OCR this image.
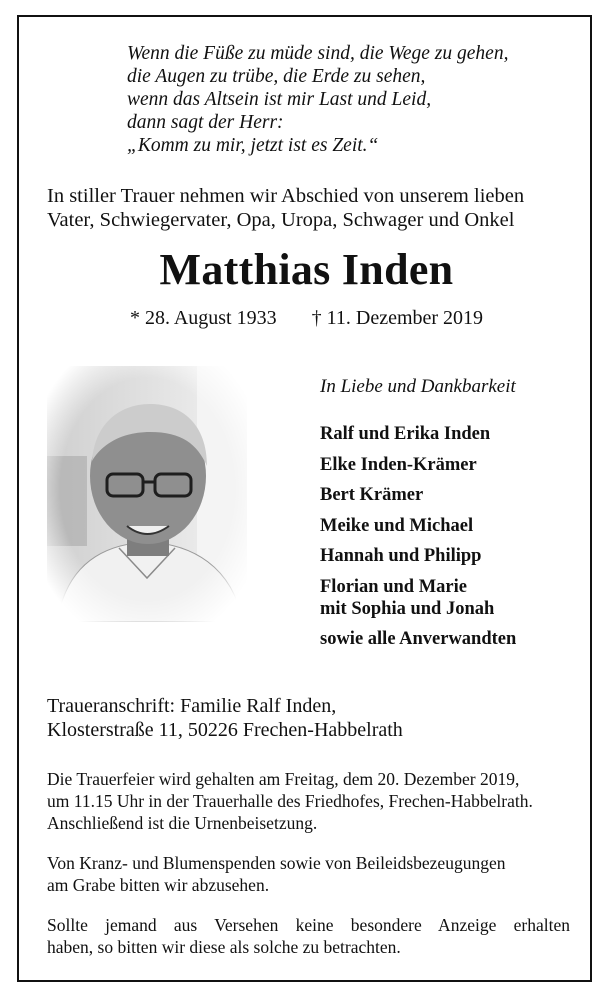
Wenn die Füße zu müde sind, die Wege zu gehen,
die Augen zu trübe, die Erde zu sehen,
wenn das Altsein ist mir Last und Leid,
dann sagt der Herr:
„Komm zu mir, jetzt ist es Zeit.“
In stiller Trauer nehmen wir Abschied von unserem lieben
Vater, Schwiegervater, Opa, Uropa, Schwager und Onkel
Matthias Inden
* 28. August 1933       † 11. Dezember 2019
In Liebe und Dankbarkeit
Ralf und Erika Inden
Elke Inden-Krämer
Bert Krämer
Meike und Michael
Hannah und Philipp
Florian und Marie
mit Sophia und Jonah
sowie alle Anverwandten
Traueranschrift: Familie Ralf Inden,
Klosterstraße 11, 50226 Frechen-Habbelrath
Die Trauerfeier wird gehalten am Freitag, dem 20. Dezember 2019,
um 11.15 Uhr in der Trauerhalle des Friedhofes, Frechen-Habbelrath.
Anschließend ist die Urnenbeisetzung.
Von Kranz- und Blumenspenden sowie von Beileidsbezeugungen
am Grabe bitten wir abzusehen.
Sollte jemand aus Versehen keine besondere Anzeige erhalten
haben, so bitten wir diese als solche zu betrachten.
